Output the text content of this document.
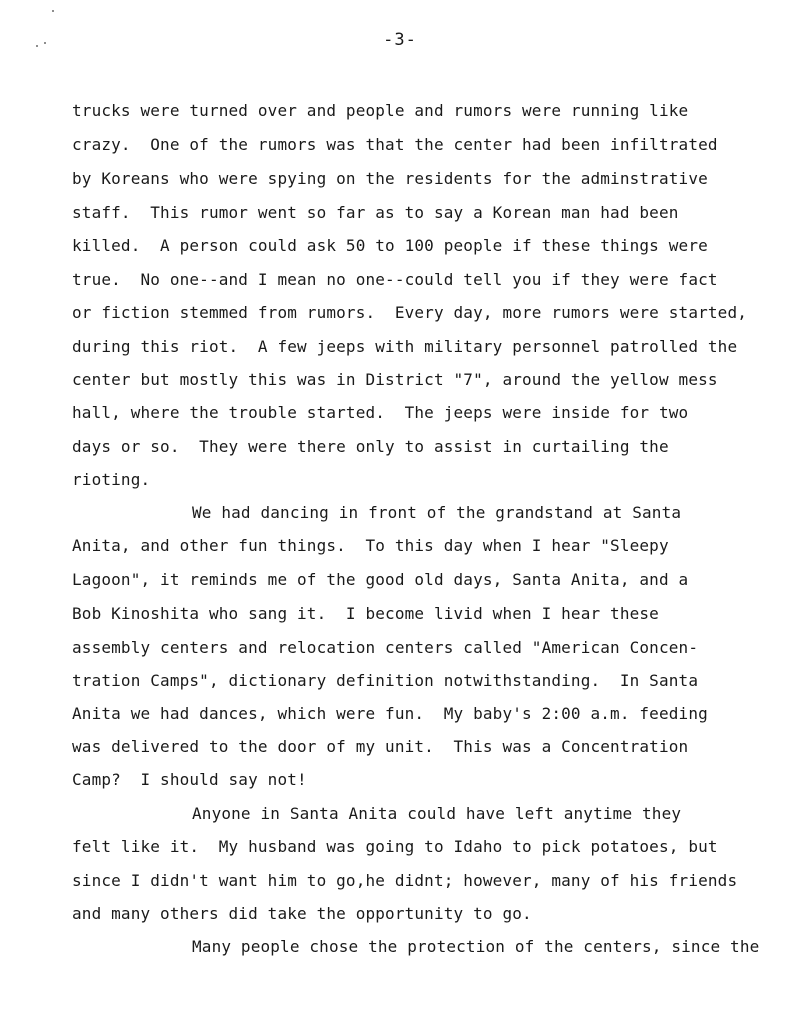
-3-
trucks were turned over and people and rumors were running like
crazy.  One of the rumors was that the center had been infiltrated
by Koreans who were spying on the residents for the adminstrative
staff.  This rumor went so far as to say a Korean man had been
killed.  A person could ask 50 to 100 people if these things were
true.  No one--and I mean no one--could tell you if they were fact
or fiction stemmed from rumors.  Every day, more rumors were started,
during this riot.  A few jeeps with military personnel patrolled the
center but mostly this was in District "7", around the yellow mess
hall, where the trouble started.  The jeeps were inside for two
days or so.  They were there only to assist in curtailing the
rioting.
We had dancing in front of the grandstand at Santa
Anita, and other fun things.  To this day when I hear "Sleepy
Lagoon", it reminds me of the good old days, Santa Anita, and a
Bob Kinoshita who sang it.  I become livid when I hear these
assembly centers and relocation centers called "American Concen-
tration Camps", dictionary definition notwithstanding.  In Santa
Anita we had dances, which were fun.  My baby's 2:00 a.m. feeding
was delivered to the door of my unit.  This was a Concentration
Camp?  I should say not!
Anyone in Santa Anita could have left anytime they
felt like it.  My husband was going to Idaho to pick potatoes, but
since I didn't want him to go,he didnt; however, many of his friends
and many others did take the opportunity to go.
Many people chose the protection of the centers, since the
